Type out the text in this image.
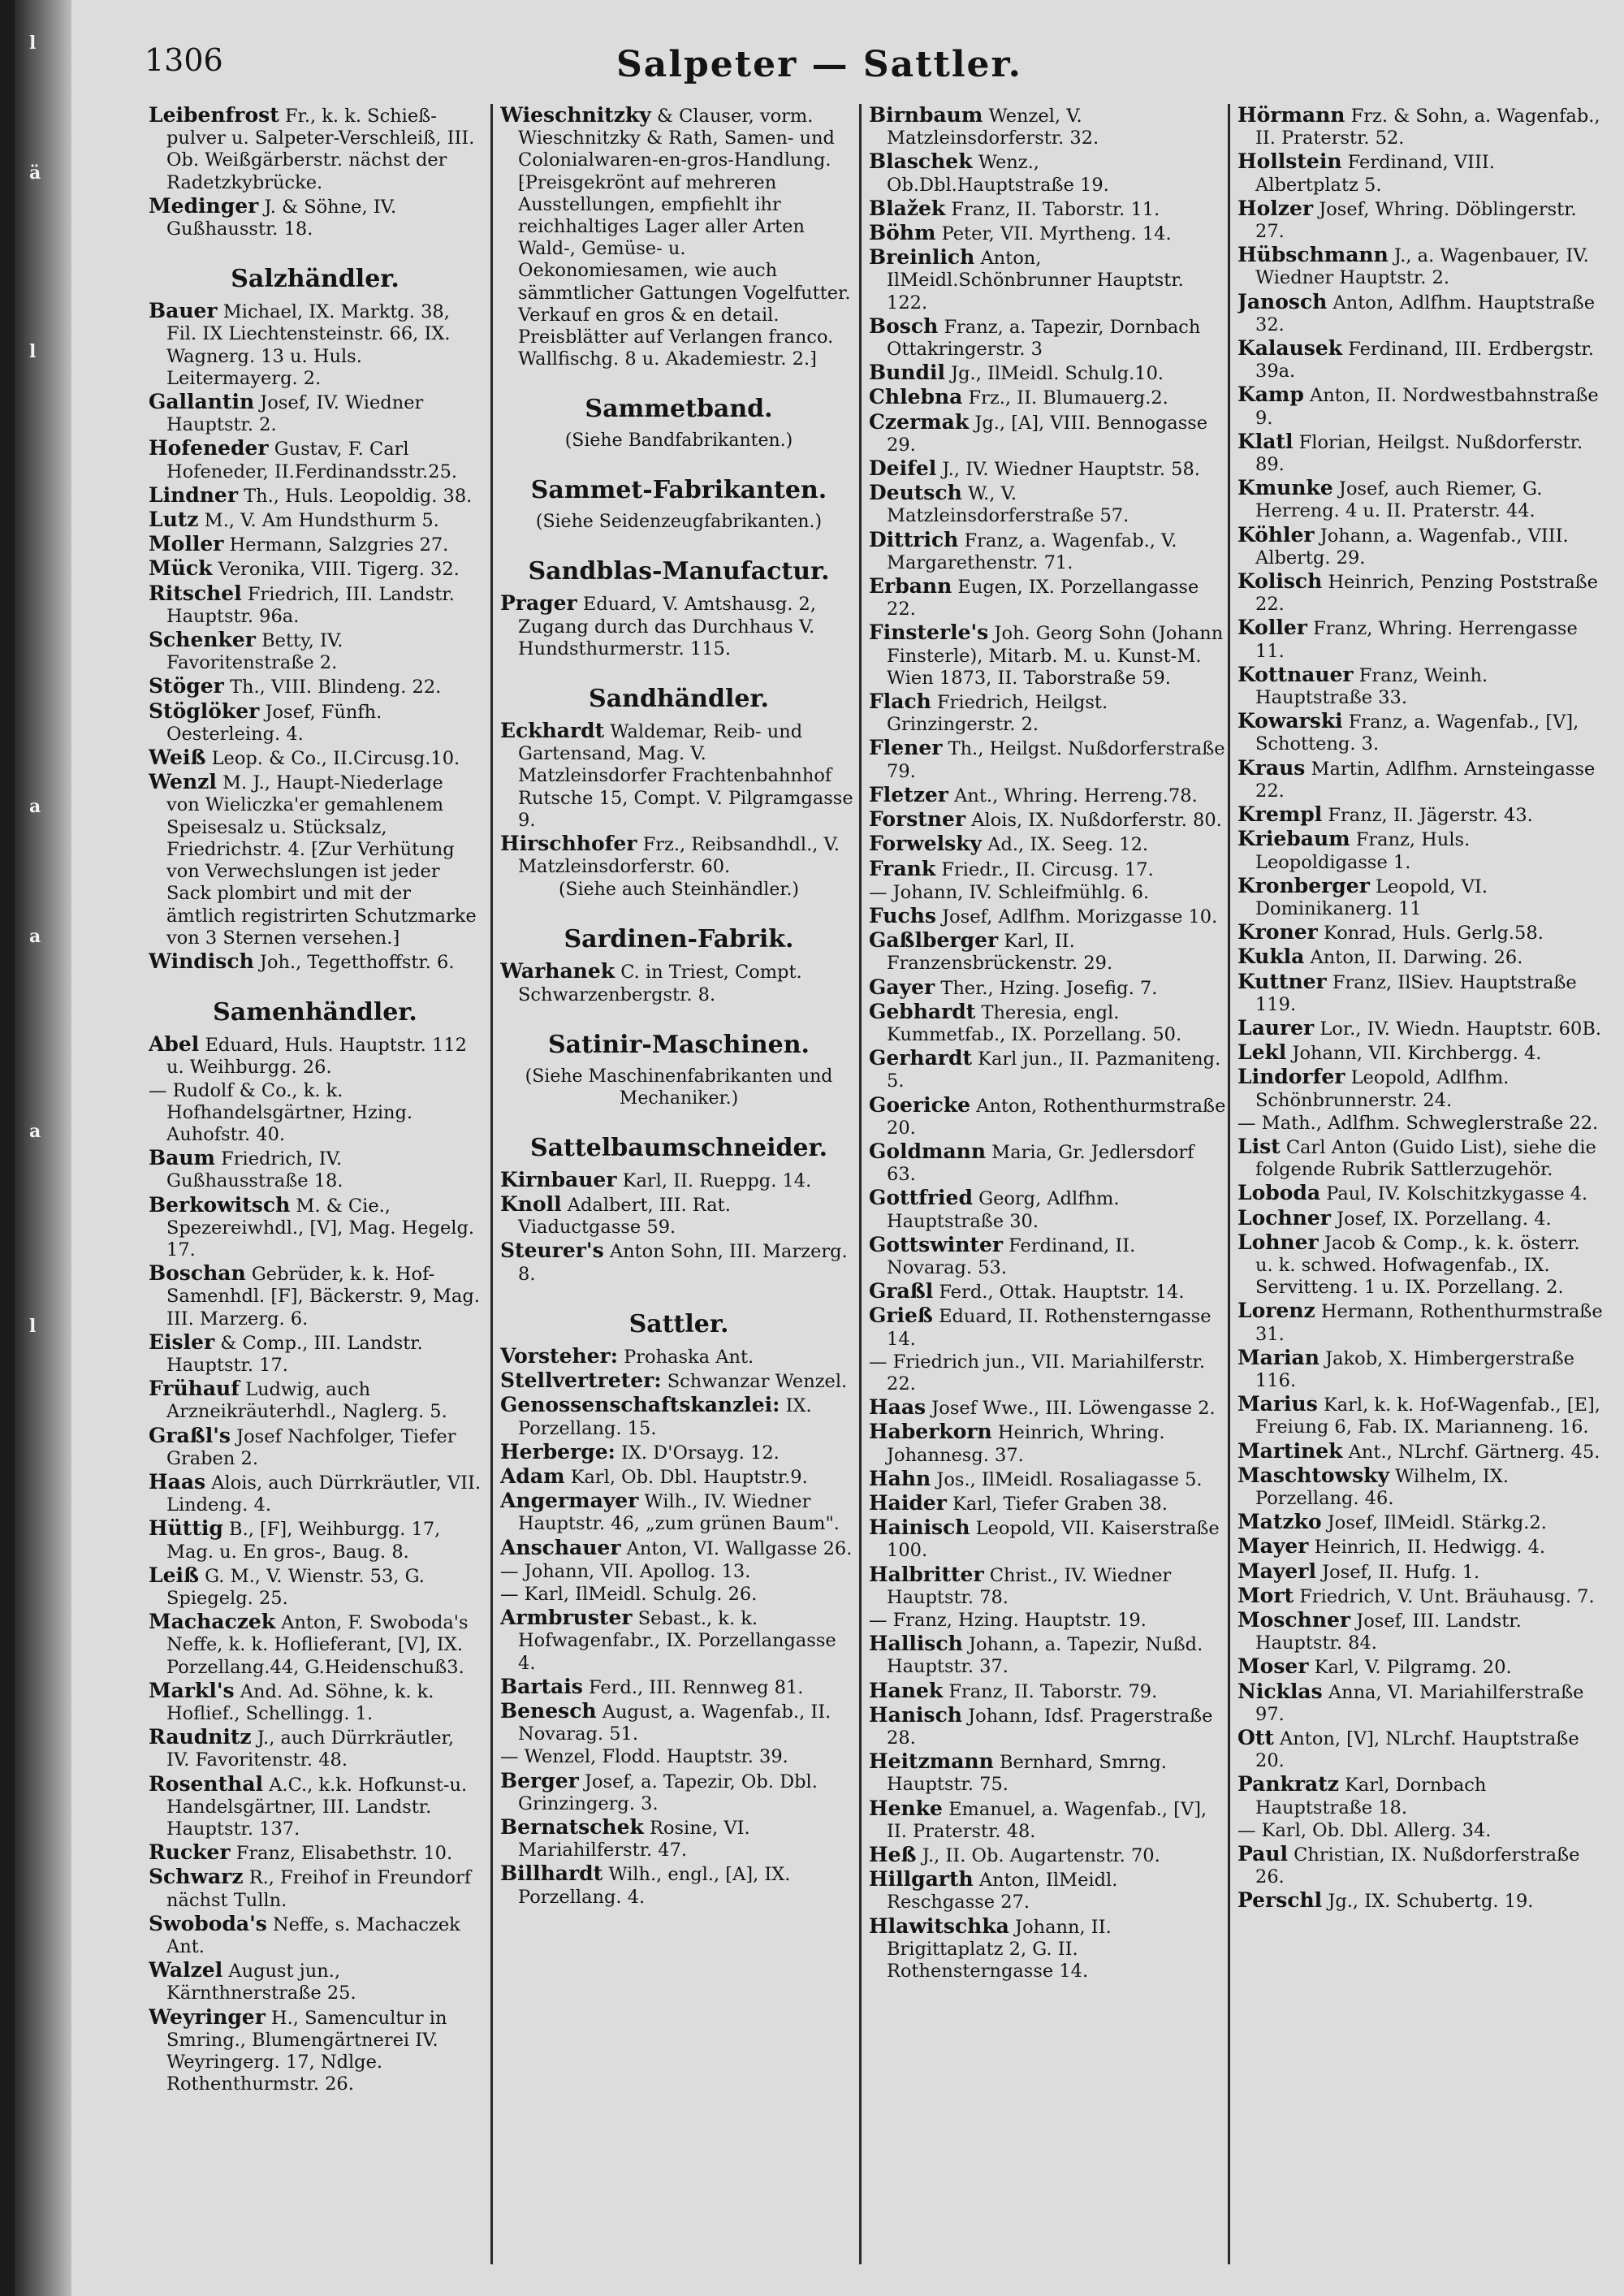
l
ä
l
a
a
a
l
1306	Salpeter — Sattler.
Leibenfrost Fr., k. k. Schieß-pulver u. Salpeter-Verschleiß, III. Ob. Weißgärberstr. nächst der Radetzkybrücke.
Medinger J. & Söhne, IV. Gußhausstr. 18.
Salzhändler.
Bauer Michael, IX. Marktg. 38, Fil. IX Liechtensteinstr. 66, IX. Wagnerg. 13 u. Huls. Leitermayerg. 2.
Gallantin Josef, IV. Wiedner Hauptstr. 2.
Hofeneder Gustav, F. Carl Hofeneder, II.Ferdinandsstr.25.
Lindner Th., Huls. Leopoldig. 38.
Lutz M., V. Am Hundsthurm 5.
Moller Hermann, Salzgries 27.
Mück Veronika, VIII. Tigerg. 32.
Ritschel Friedrich, III. Landstr. Hauptstr. 96a.
Schenker Betty, IV. Favoritenstraße 2.
Stöger Th., VIII. Blindeng. 22.
Stöglöker Josef, Fünfh. Oesterleing. 4.
Weiß Leop. & Co., II.Circusg.10.
Wenzl M. J., Haupt-Niederlage von Wieliczka'er gemahlenem Speisesalz u. Stücksalz, Friedrichstr. 4. ⁅Zur Verhütung von Verwechslungen ist jeder Sack plombirt und mit der ämtlich registrirten Schutzmarke von 3 Sternen versehen.⁆
Windisch Joh., Tegetthoffstr. 6.
Samenhändler.
Abel Eduard, Huls. Hauptstr. 112 u. Weihburgg. 26.
— Rudolf & Co., k. k. Hofhandelsgärtner, Hzing. Auhofstr. 40.
Baum Friedrich, IV. Gußhausstraße 18.
Berkowitsch M. & Cie., Spezereiwhdl., [V], Mag. Hegelg. 17.
Boschan Gebrüder, k. k. Hof-Samenhdl. [F], Bäckerstr. 9, Mag. III. Marzerg. 6.
Eisler & Comp., III. Landstr. Hauptstr. 17.
Frühauf Ludwig, auch Arzneikräuterhdl., Naglerg. 5.
Graßl's Josef Nachfolger, Tiefer Graben 2.
Haas Alois, auch Dürrkräutler, VII. Lindeng. 4.
Hüttig B., [F], Weihburgg. 17, Mag. u. En gros-, Baug. 8.
Leiß G. M., V. Wienstr. 53, G. Spiegelg. 25.
Machaczek Anton, F. Swoboda's Neffe, k. k. Hoflieferant, [V], IX. Porzellang.44, G.Heidenschuß3.
Markl's And. Ad. Söhne, k. k. Hoflief., Schellingg. 1.
Raudnitz J., auch Dürrkräutler, IV. Favoritenstr. 48.
Rosenthal A.C., k.k. Hofkunst-u. Handelsgärtner, III. Landstr. Hauptstr. 137.
Rucker Franz, Elisabethstr. 10.
Schwarz R., Freihof in Freundorf nächst Tulln.
Swoboda's Neffe, s. Machaczek Ant.
Walzel August jun., Kärnthnerstraße 25.
Weyringer H., Samencultur in Smring., Blumengärtnerei IV. Weyringerg. 17, Ndlge. Rothenthurmstr. 26.
Wieschnitzky & Clauser, vorm. Wieschnitzky & Rath, Samen- und Colonialwaren-en-gros-Handlung. ⁅Preisgekrönt auf mehreren Ausstellungen, empfiehlt ihr reichhaltiges Lager aller Arten Wald-, Gemüse- u. Oekonomiesamen, wie auch sämmtlicher Gattungen Vogelfutter. Verkauf en gros & en detail. Preisblätter auf Verlangen franco. Wallfischg. 8 u. Akademiestr. 2.⁆
Sammetband.
(Siehe Bandfabrikanten.)
Sammet-Fabrikanten.
(Siehe Seidenzeugfabrikanten.)
Sandblas-Manufactur.
Prager Eduard, V. Amtshausg. 2, Zugang durch das Durchhaus V. Hundsthurmerstr. 115.
Sandhändler.
Eckhardt Waldemar, Reib- und Gartensand, Mag. V. Matzleinsdorfer Frachtenbahnhof Rutsche 15, Compt. V. Pilgramgasse 9.
Hirschhofer Frz., Reibsandhdl., V. Matzleinsdorferstr. 60.
(Siehe auch Steinhändler.)
Sardinen-Fabrik.
Warhanek C. in Triest, Compt. Schwarzenbergstr. 8.
Satinir-Maschinen.
(Siehe Maschinenfabrikanten und Mechaniker.)
Sattelbaumschneider.
Kirnbauer Karl, II. Rueppg. 14.
Knoll Adalbert, III. Rat. Viaductgasse 59.
Steurer's Anton Sohn, III. Marzerg. 8.
Sattler.
Vorsteher: Prohaska Ant.
Stellvertreter: Schwanzar Wenzel.
Genossenschaftskanzlei: IX. Porzellang. 15.
Herberge: IX. D'Orsayg. 12.
Adam Karl, Ob. Dbl. Hauptstr.9.
Angermayer Wilh., IV. Wiedner Hauptstr. 46, „zum grünen Baum".
Anschauer Anton, VI. Wallgasse 26.
— Johann, VII. Apollog. 13.
— Karl, IlMeidl. Schulg. 26.
Armbruster Sebast., k. k. Hofwagenfabr., IX. Porzellangasse 4.
Bartais Ferd., III. Rennweg 81.
Benesch August, a. Wagenfab., II. Novarag. 51.
— Wenzel, Flodd. Hauptstr. 39.
Berger Josef, a. Tapezir, Ob. Dbl. Grinzingerg. 3.
Bernatschek Rosine, VI. Mariahilferstr. 47.
Billhardt Wilh., engl., [A], IX. Porzellang. 4.
Birnbaum Wenzel, V. Matzleinsdorferstr. 32.
Blaschek Wenz., Ob.Dbl.Hauptstraße 19.
Blažek Franz, II. Taborstr. 11.
Böhm Peter, VII. Myrtheng. 14.
Breinlich Anton, IlMeidl.Schönbrunner Hauptstr. 122.
Bosch Franz, a. Tapezir, Dornbach Ottakringerstr. 3
Bundil Jg., IlMeidl. Schulg.10.
Chlebna Frz., II. Blumauerg.2.
Czermak Jg., [A], VIII. Bennogasse 29.
Deifel J., IV. Wiedner Hauptstr. 58.
Deutsch W., V. Matzleinsdorferstraße 57.
Dittrich Franz, a. Wagenfab., V. Margarethenstr. 71.
Erbann Eugen, IX. Porzellangasse 22.
Finsterle's Joh. Georg Sohn (Johann Finsterle), Mitarb. M. u. Kunst-M. Wien 1873, II. Taborstraße 59.
Flach Friedrich, Heilgst. Grinzingerstr. 2.
Flener Th., Heilgst. Nußdorferstraße 79.
Fletzer Ant., Whring. Herreng.78.
Forstner Alois, IX. Nußdorferstr. 80.
Forwelsky Ad., IX. Seeg. 12.
Frank Friedr., II. Circusg. 17.
— Johann, IV. Schleifmühlg. 6.
Fuchs Josef, Adlfhm. Morizgasse 10.
Gaßlberger Karl, II. Franzensbrückenstr. 29.
Gayer Ther., Hzing. Josefig. 7.
Gebhardt Theresia, engl. Kummetfab., IX. Porzellang. 50.
Gerhardt Karl jun., II. Pazmaniteng. 5.
Goericke Anton, Rothenthurmstraße 20.
Goldmann Maria, Gr. Jedlersdorf 63.
Gottfried Georg, Adlfhm. Hauptstraße 30.
Gottswinter Ferdinand, II. Novarag. 53.
Graßl Ferd., Ottak. Hauptstr. 14.
Grieß Eduard, II. Rothensterngasse 14.
— Friedrich jun., VII. Mariahilferstr. 22.
Haas Josef Wwe., III. Löwengasse 2.
Haberkorn Heinrich, Whring. Johannesg. 37.
Hahn Jos., IlMeidl. Rosaliagasse 5.
Haider Karl, Tiefer Graben 38.
Hainisch Leopold, VII. Kaiserstraße 100.
Halbritter Christ., IV. Wiedner Hauptstr. 78.
— Franz, Hzing. Hauptstr. 19.
Hallisch Johann, a. Tapezir, Nußd. Hauptstr. 37.
Hanek Franz, II. Taborstr. 79.
Hanisch Johann, Idsf. Pragerstraße 28.
Heitzmann Bernhard, Smrng. Hauptstr. 75.
Henke Emanuel, a. Wagenfab., [V], II. Praterstr. 48.
Heß J., II. Ob. Augartenstr. 70.
Hillgarth Anton, IlMeidl. Reschgasse 27.
Hlawitschka Johann, II. Brigittaplatz 2, G. II. Rothensterngasse 14.
Hörmann Frz. & Sohn, a. Wagenfab., II. Praterstr. 52.
Hollstein Ferdinand, VIII. Albertplatz 5.
Holzer Josef, Whring. Döblingerstr. 27.
Hübschmann J., a. Wagenbauer, IV. Wiedner Hauptstr. 2.
Janosch Anton, Adlfhm. Hauptstraße 32.
Kalausek Ferdinand, III. Erdbergstr. 39a.
Kamp Anton, II. Nordwestbahnstraße 9.
Klatl Florian, Heilgst. Nußdorferstr. 89.
Kmunke Josef, auch Riemer, G. Herreng. 4 u. II. Praterstr. 44.
Köhler Johann, a. Wagenfab., VIII. Albertg. 29.
Kolisch Heinrich, Penzing Poststraße 22.
Koller Franz, Whring. Herrengasse 11.
Kottnauer Franz, Weinh. Hauptstraße 33.
Kowarski Franz, a. Wagenfab., [V], Schotteng. 3.
Kraus Martin, Adlfhm. Arnsteingasse 22.
Krempl Franz, II. Jägerstr. 43.
Kriebaum Franz, Huls. Leopoldigasse 1.
Kronberger Leopold, VI. Dominikanerg. 11
Kroner Konrad, Huls. Gerlg.58.
Kukla Anton, II. Darwing. 26.
Kuttner Franz, IlSiev. Hauptstraße 119.
Laurer Lor., IV. Wiedn. Hauptstr. 60B.
Lekl Johann, VII. Kirchbergg. 4.
Lindorfer Leopold, Adlfhm. Schönbrunnerstr. 24.
— Math., Adlfhm. Schweglerstraße 22.
List Carl Anton (Guido List), siehe die folgende Rubrik Sattlerzugehör.
Loboda Paul, IV. Kolschitzkygasse 4.
Lochner Josef, IX. Porzellang. 4.
Lohner Jacob & Comp., k. k. österr. u. k. schwed. Hofwagenfab., IX. Servitteng. 1 u. IX. Porzellang. 2.
Lorenz Hermann, Rothenthurmstraße 31.
Marian Jakob, X. Himbergerstraße 116.
Marius Karl, k. k. Hof-Wagenfab., [E], Freiung 6, Fab. IX. Marianneng. 16.
Martinek Ant., NLrchf. Gärtnerg. 45.
Maschtowsky Wilhelm, IX. Porzellang. 46.
Matzko Josef, IlMeidl. Stärkg.2.
Mayer Heinrich, II. Hedwigg. 4.
Mayerl Josef, II. Hufg. 1.
Mort Friedrich, V. Unt. Bräuhausg. 7.
Moschner Josef, III. Landstr. Hauptstr. 84.
Moser Karl, V. Pilgramg. 20.
Nicklas Anna, VI. Mariahilferstraße 97.
Ott Anton, [V], NLrchf. Hauptstraße 20.
Pankratz Karl, Dornbach Hauptstraße 18.
— Karl, Ob. Dbl. Allerg. 34.
Paul Christian, IX. Nußdorferstraße 26.
Perschl Jg., IX. Schubertg. 19.
